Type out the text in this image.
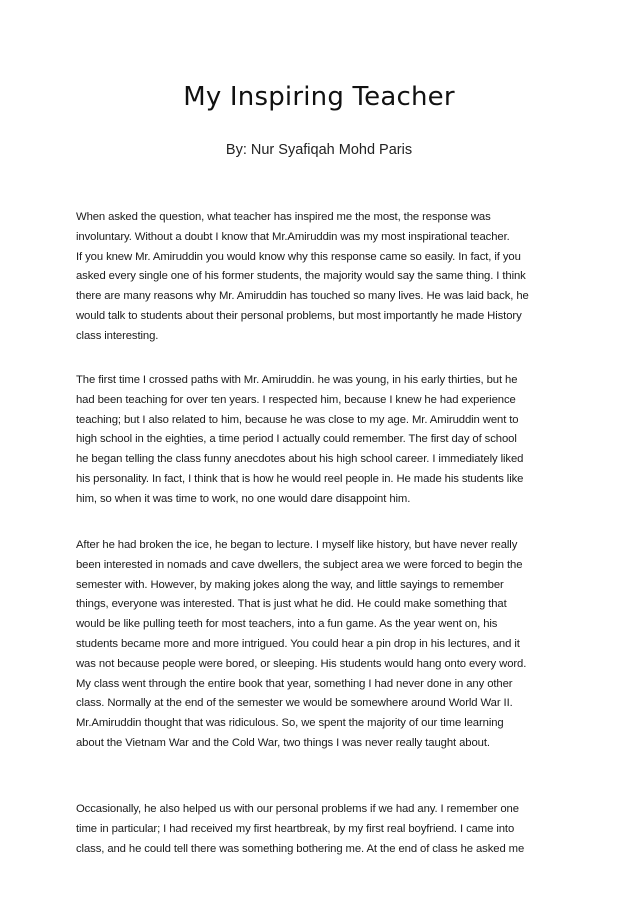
My Inspiring Teacher

By: Nur Syafiqah Mohd Paris

When asked the question, what teacher has inspired me the most, the response was
involuntary. Without a doubt I know that Mr.Amiruddin was my most inspirational teacher.
If you knew Mr. Amiruddin you would know why this response came so easily. In fact, if you
asked every single one of his former students, the majority would say the same thing. I think
there are many reasons why Mr. Amiruddin has touched so many lives. He was laid back, he
would talk to students about their personal problems, but most importantly he made History
class interesting.
The first time I crossed paths with Mr. Amiruddin. he was young, in his early thirties, but he
had been teaching for over ten years. I respected him, because I knew he had experience
teaching; but I also related to him, because he was close to my age. Mr. Amiruddin went to
high school in the eighties, a time period I actually could remember. The first day of school
he began telling the class funny anecdotes about his high school career. I immediately liked
his personality. In fact, I think that is how he would reel people in. He made his students like
him, so when it was time to work, no one would dare disappoint him.
After he had broken the ice, he began to lecture. I myself like history, but have never really
been interested in nomads and cave dwellers, the subject area we were forced to begin the
semester with. However, by making jokes along the way, and little sayings to remember
things, everyone was interested. That is just what he did. He could make something that
would be like pulling teeth for most teachers, into a fun game. As the year went on, his
students became more and more intrigued. You could hear a pin drop in his lectures, and it
was not because people were bored, or sleeping. His students would hang onto every word.
My class went through the entire book that year, something I had never done in any other
class. Normally at the end of the semester we would be somewhere around World War II.
Mr.Amiruddin thought that was ridiculous. So, we spent the majority of our time learning
about the Vietnam War and the Cold War, two things I was never really taught about.
Occasionally, he also helped us with our personal problems if we had any. I remember one
time in particular; I had received my first heartbreak, by my first real boyfriend. I came into
class, and he could tell there was something bothering me. At the end of class he asked me
